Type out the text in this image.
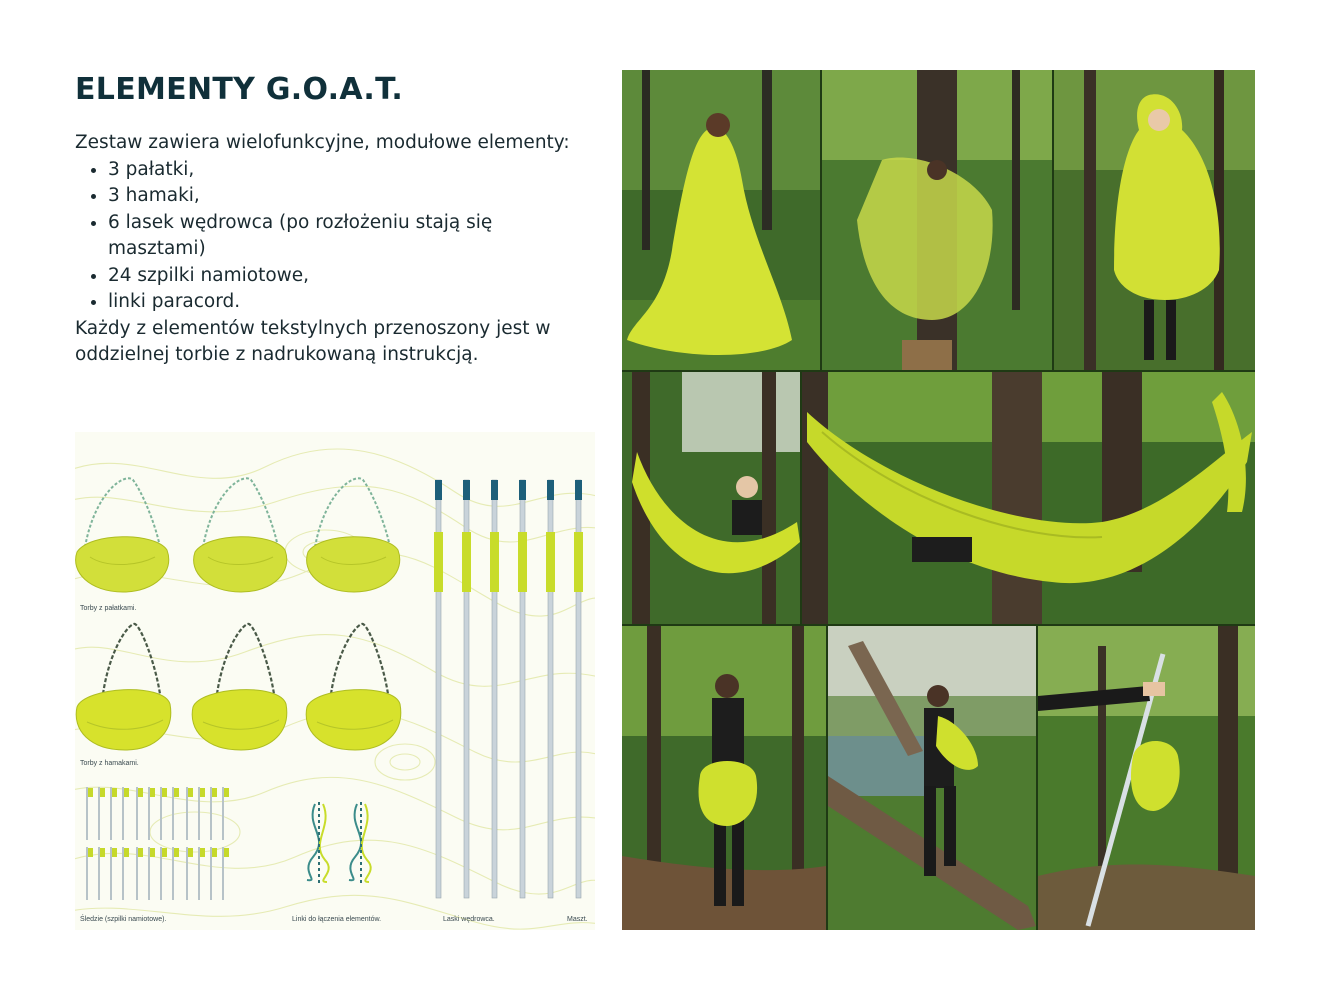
ELEMENTY G.O.A.T.

Zestaw zawiera wielofunkcyjne, modułowe elementy:

• 3 pałatki,
• 3 hamaki,
• 6 lasek wędrowca (po rozłożeniu stają się masztami)
• 24 szpilki namiotowe,
• linki paracord.

Każdy z elementów tekstylnych przenoszony jest w oddzielnej torbie z nadrukowaną instrukcją.

Torby z pałatkami.
Torby z hamakami.
Śledzie (szpilki namiotowe).	Linki do łączenia elementów.	Laski wędrowca.	Maszt.
